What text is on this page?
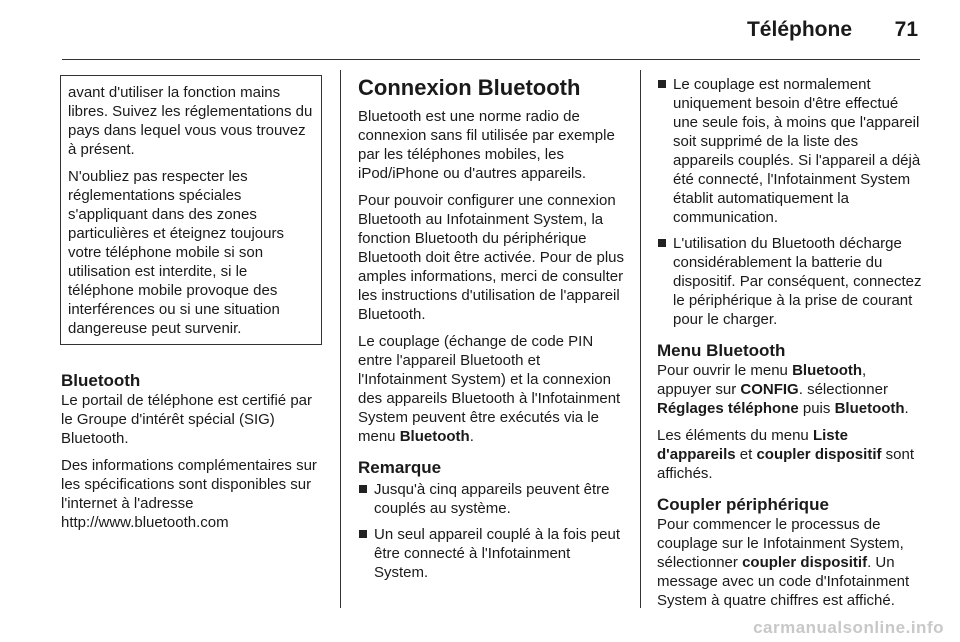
Téléphone 71

avant d'utiliser la fonction mains libres. Suivez les réglementations du pays dans lequel vous vous trouvez à présent.

N'oubliez pas respecter les réglementations spéciales s'appliquant dans des zones particulières et éteignez toujours votre téléphone mobile si son utilisation est interdite, si le téléphone mobile provoque des interférences ou si une situation dangereuse peut survenir.

Bluetooth

Le portail de téléphone est certifié par le Groupe d'intérêt spécial (SIG) Bluetooth.

Des informations complémentaires sur les spécifications sont disponibles sur l'internet à l'adresse http://www.bluetooth.com

Connexion Bluetooth

Bluetooth est une norme radio de connexion sans fil utilisée par exemple par les téléphones mobiles, les iPod/iPhone ou d'autres appareils.

Pour pouvoir configurer une connexion Bluetooth au Infotainment System, la fonction Bluetooth du périphérique Bluetooth doit être activée. Pour de plus amples informations, merci de consulter les instructions d'utilisation de l'appareil Bluetooth.

Le couplage (échange de code PIN entre l'appareil Bluetooth et l'Infotainment System) et la connexion des appareils Bluetooth à l'Infotainment System peuvent être exécutés via le menu Bluetooth.

Remarque
Jusqu'à cinq appareils peuvent être couplés au système.
Un seul appareil couplé à la fois peut être connecté à l'Infotainment System.
Le couplage est normalement uniquement besoin d'être effectué une seule fois, à moins que l'appareil soit supprimé de la liste des appareils couplés. Si l'appareil a déjà été connecté, l'Infotainment System établit automatiquement la communication.
L'utilisation du Bluetooth décharge considérablement la batterie du dispositif. Par conséquent, connectez le périphérique à la prise de courant pour le charger.
Menu Bluetooth

Pour ouvrir le menu Bluetooth, appuyer sur CONFIG. sélectionner Réglages téléphone puis Bluetooth.

Les éléments du menu Liste d'appareils et coupler dispositif sont affichés.

Coupler périphérique

Pour commencer le processus de couplage sur le Infotainment System, sélectionner coupler dispositif. Un message avec un code d'Infotainment System à quatre chiffres est affiché.

carmanualsonline.info
